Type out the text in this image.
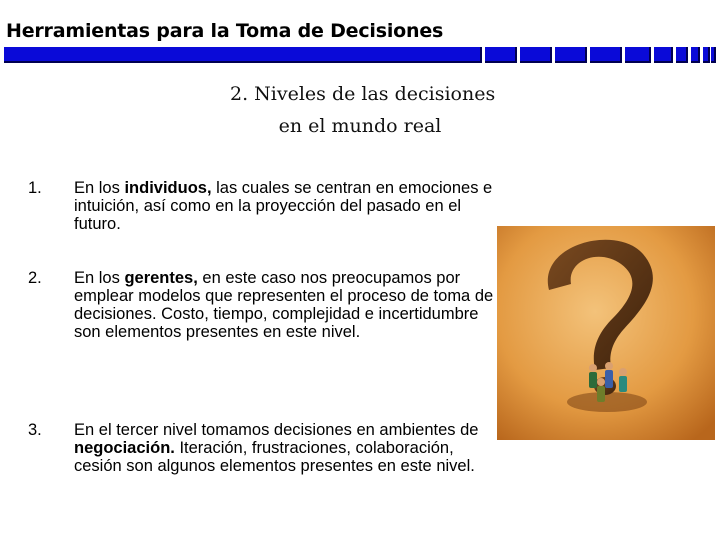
Herramientas para la Toma de Decisiones
2. Niveles de las decisiones
en el mundo real
1. En los individuos, las cuales se centran en emociones e intuición, así como en la proyección del pasado en el futuro.
2. En los gerentes, en este caso nos preocupamos por emplear modelos que representen el proceso de toma de decisiones. Costo, tiempo, complejidad e incertidumbre son elementos presentes en este nivel.
3. En el tercer nivel tomamos decisiones en ambientes de negociación. Iteración, frustraciones, colaboración, cesión son algunos elementos presentes en este nivel.
